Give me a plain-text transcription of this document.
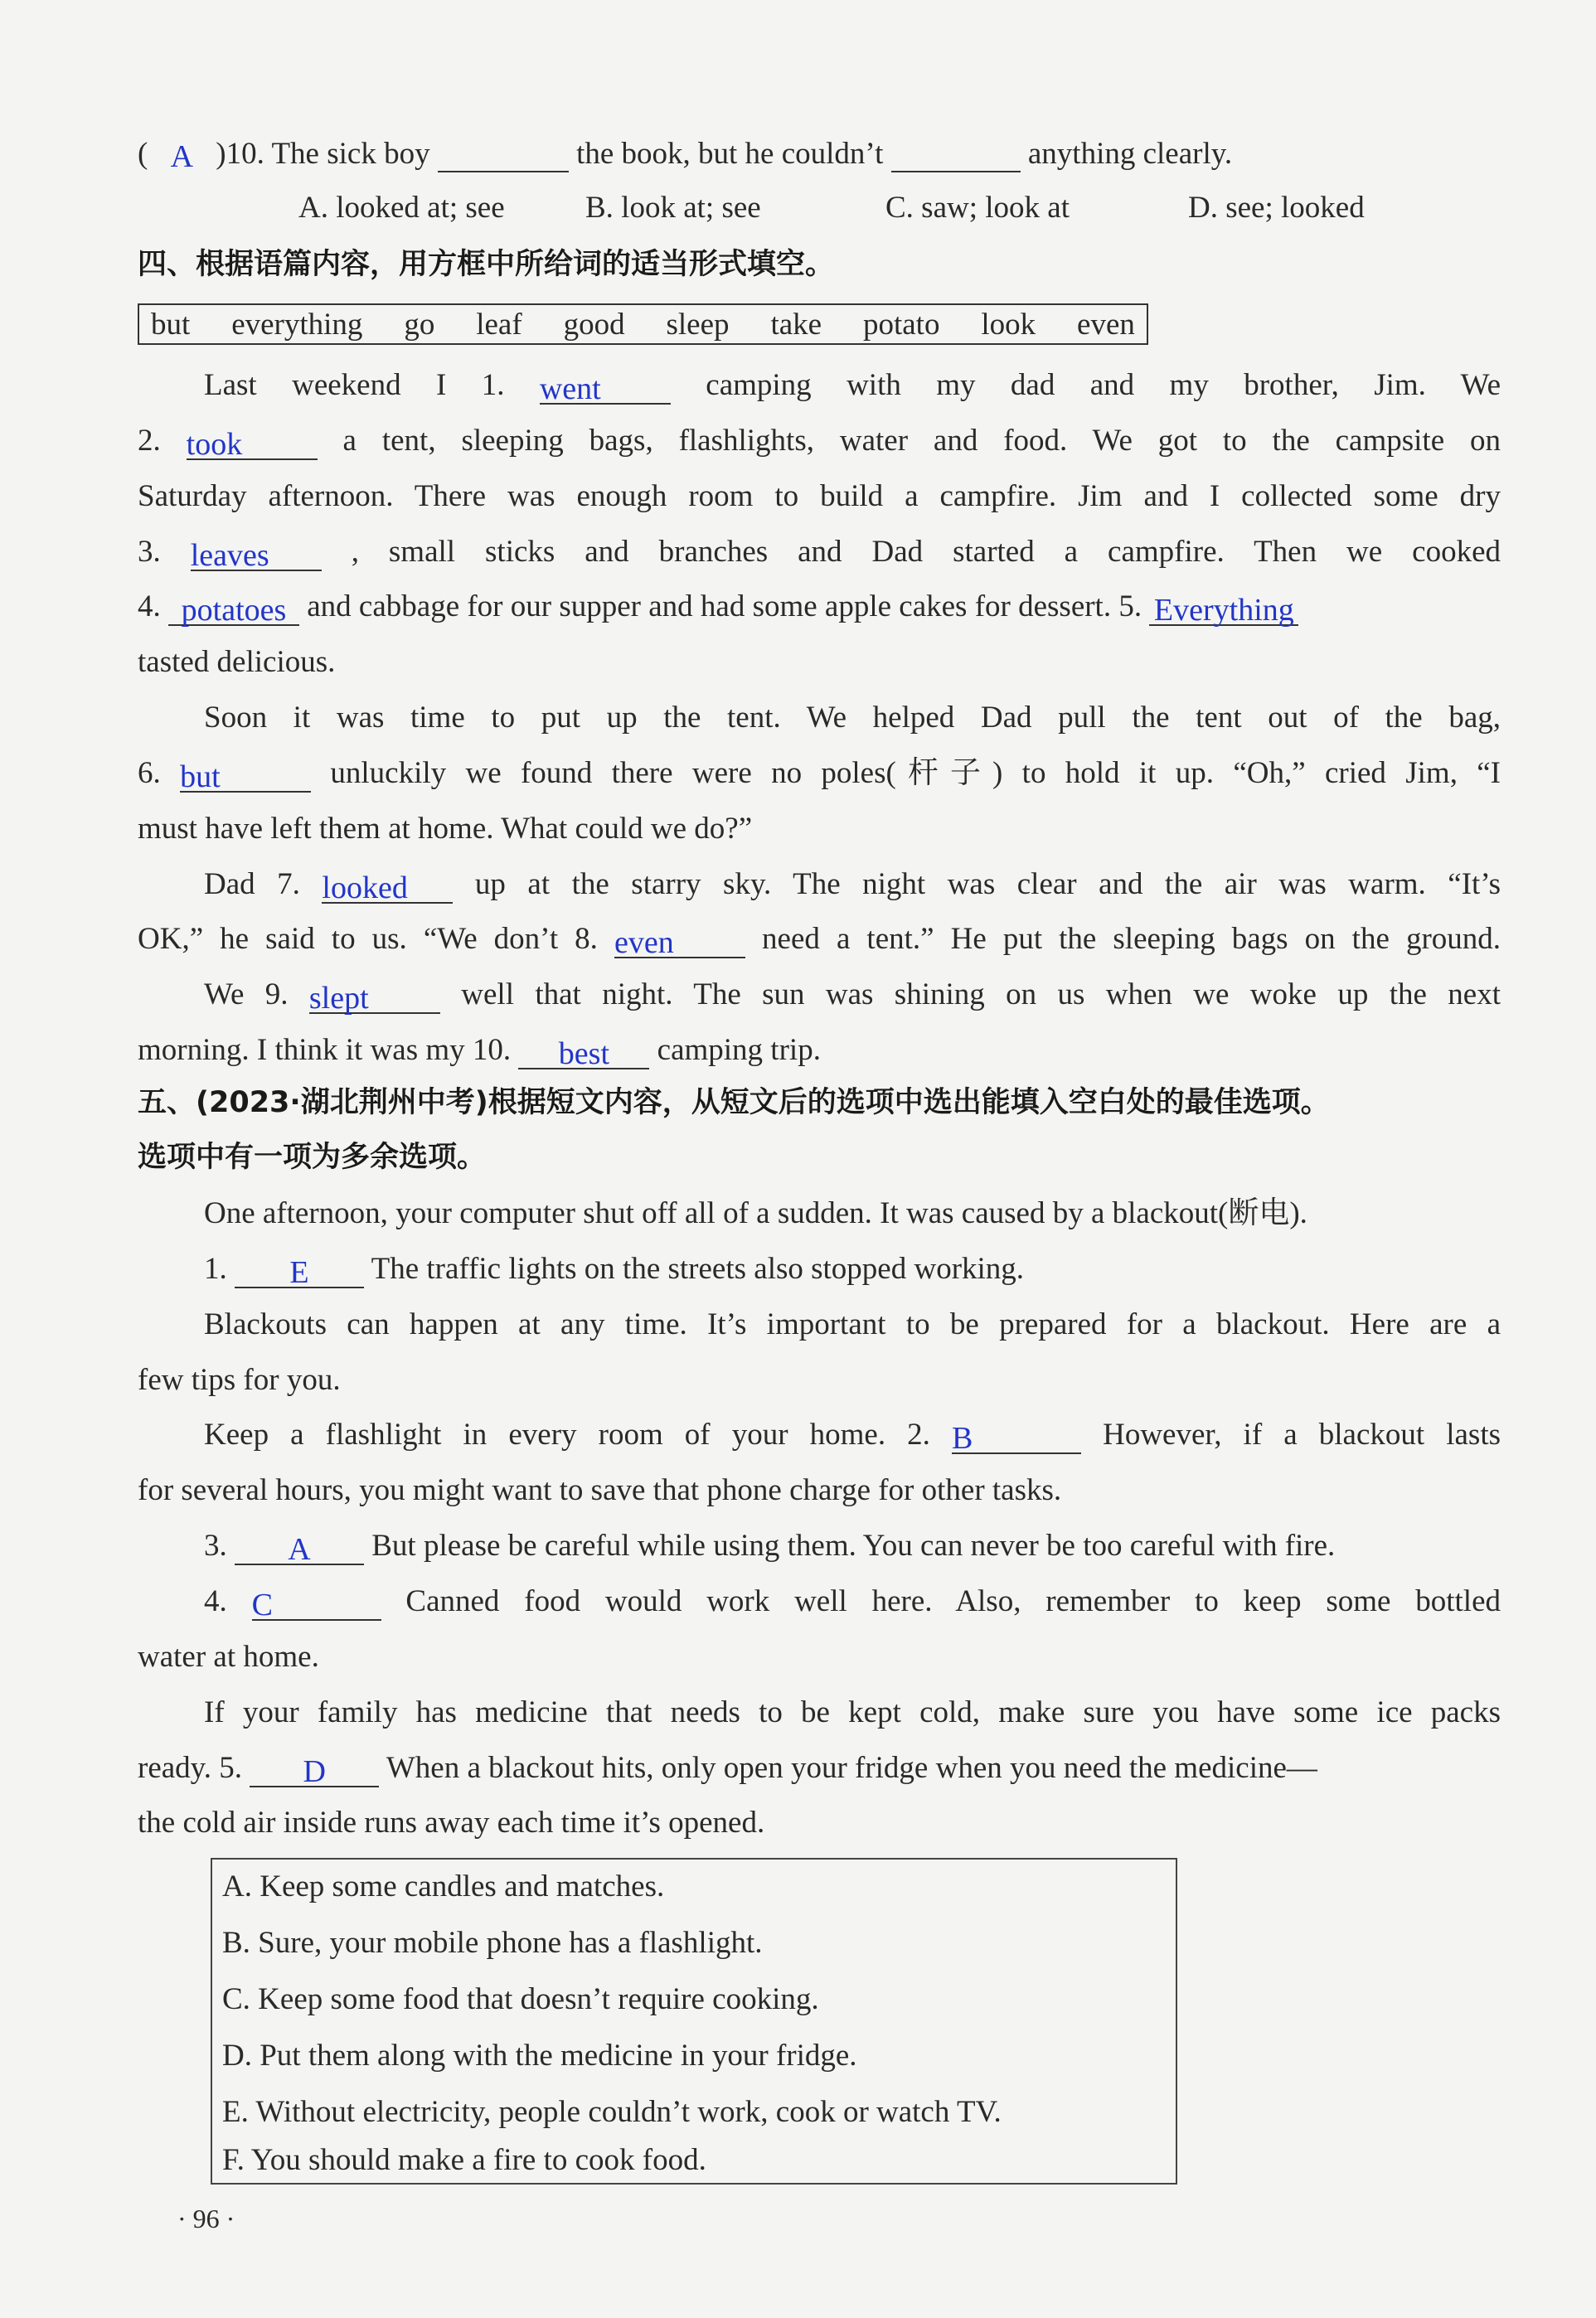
( A )10. The sick boy	the book, but he couldn’t	anything clearly.
A. looked at; see	B. look at; see	C. saw; look at	D. see; looked
四、根据语篇内容，用方框中所给词的适当形式填空。
but everything go leaf good sleep take potato look even
Last weekend I 1. went	camping with my dad and my brother, Jim. We
2. took	a tent, sleeping bags, flashlights, water and food. We got to the campsite on
Saturday afternoon. There was enough room to build a campfire. Jim and I collected some dry
3. leaves	, small sticks and branches and Dad started a campfire. Then we cooked
4. potatoes and cabbage for our supper and had some apple cakes for dessert. 5. Everything
tasted delicious.
Soon it was time to put up the tent. We helped Dad pull the tent out of the bag,
6. but	unluckily we found there were no poles(杆子) to hold it up. “Oh,” cried Jim, “I
must have left them at home. What could we do?”
Dad 7. looked up at the starry sky. The night was clear and the air was warm. “It’s
OK,” he said to us. “We don’t 8. even	need a tent.” He put the sleeping bags on the ground.
We 9. slept	well that night. The sun was shining on us when we woke up the next
morning. I think it was my 10. best camping trip.
五、(2023·湖北荆州中考)根据短文内容，从短文后的选项中选出能填入空白处的最佳选项。
选项中有一项为多余选项。
One afternoon, your computer shut off all of a sudden. It was caused by a blackout(断电).
1. E The traffic lights on the streets also stopped working.
Blackouts can happen at any time. It’s important to be prepared for a blackout. Here are a
few tips for you.
Keep a flashlight in every room of your home. 2. B	However, if a blackout lasts
for several hours, you might want to save that phone charge for other tasks.
3. A But please be careful while using them. You can never be too careful with fire.
4. C	Canned food would work well here. Also, remember to keep some bottled
water at home.
If your family has medicine that needs to be kept cold, make sure you have some ice packs
ready. 5. D When a blackout hits, only open your fridge when you need the medicine—
the cold air inside runs away each time it’s opened.
A. Keep some candles and matches.
B. Sure, your mobile phone has a flashlight.
C. Keep some food that doesn’t require cooking.
D. Put them along with the medicine in your fridge.
E. Without electricity, people couldn’t work, cook or watch TV.
F. You should make a fire to cook food.
· 96 ·
